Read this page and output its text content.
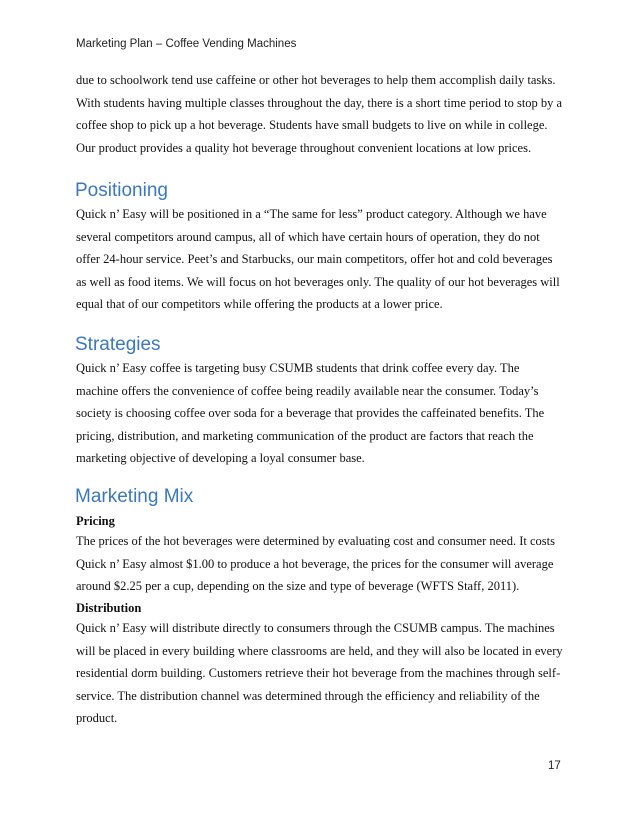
Marketing Plan – Coffee Vending Machines

due to schoolwork tend use caffeine or other hot beverages to help them accomplish daily tasks.

With students having multiple classes throughout the day, there is a short time period to stop by a

coffee shop to pick up a hot beverage. Students have small budgets to live on while in college.

Our product provides a quality hot beverage throughout convenient locations at low prices.

Positioning

Quick n’ Easy will be positioned in a “The same for less” product category. Although we have

several competitors around campus, all of which have certain hours of operation, they do not

offer 24-hour service. Peet’s and Starbucks, our main competitors, offer hot and cold beverages

as well as food items. We will focus on hot beverages only. The quality of our hot beverages will

equal that of our competitors while offering the products at a lower price.

Strategies

Quick n’ Easy coffee is targeting busy CSUMB students that drink coffee every day. The

machine offers the convenience of coffee being readily available near the consumer. Today’s

society is choosing coffee over soda for a beverage that provides the caffeinated benefits. The

pricing, distribution, and marketing communication of the product are factors that reach the

marketing objective of developing a loyal consumer base.

Marketing Mix
Pricing

The prices of the hot beverages were determined by evaluating cost and consumer need. It costs

Quick n’ Easy almost $1.00 to produce a hot beverage, the prices for the consumer will average

around $2.25 per a cup, depending on the size and type of beverage (WFTS Staff, 2011).

Distribution

Quick n’ Easy will distribute directly to consumers through the CSUMB campus. The machines

will be placed in every building where classrooms are held, and they will also be located in every

residential dorm building. Customers retrieve their hot beverage from the machines through self-

service. The distribution channel was determined through the efficiency and reliability of the

product.

17
